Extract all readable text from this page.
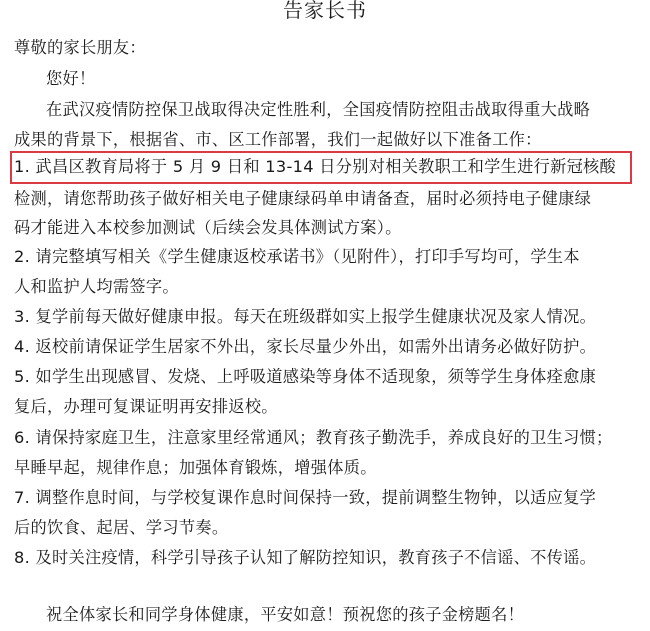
告家长书
尊敬的家长朋友：
您好！
在武汉疫情防控保卫战取得决定性胜利，全国疫情防控阻击战取得重大战略
成果的背景下，根据省、市、区工作部署，我们一起做好以下准备工作：
1. 武昌区教育局将于 5 月 9 日和 13-14 日分别对相关教职工和学生进行新冠核酸
检测，请您帮助孩子做好相关电子健康绿码单申请备查，届时必须持电子健康绿
码才能进入本校参加测试（后续会发具体测试方案）。
2. 请完整填写相关《学生健康返校承诺书》（见附件），打印手写均可，学生本
人和监护人均需签字。
3. 复学前每天做好健康申报。每天在班级群如实上报学生健康状况及家人情况。
4. 返校前请保证学生居家不外出，家长尽量少外出，如需外出请务必做好防护。
5. 如学生出现感冒、发烧、上呼吸道感染等身体不适现象，须等学生身体痊愈康
复后，办理可复课证明再安排返校。
6. 请保持家庭卫生，注意家里经常通风；教育孩子勤洗手，养成良好的卫生习惯；
早睡早起，规律作息；加强体育锻炼，增强体质。
7. 调整作息时间，与学校复课作息时间保持一致，提前调整生物钟，以适应复学
后的饮食、起居、学习节奏。
8. 及时关注疫情，科学引导孩子认知了解防控知识，教育孩子不信谣、不传谣。
祝全体家长和同学身体健康，平安如意！预祝您的孩子金榜题名！
